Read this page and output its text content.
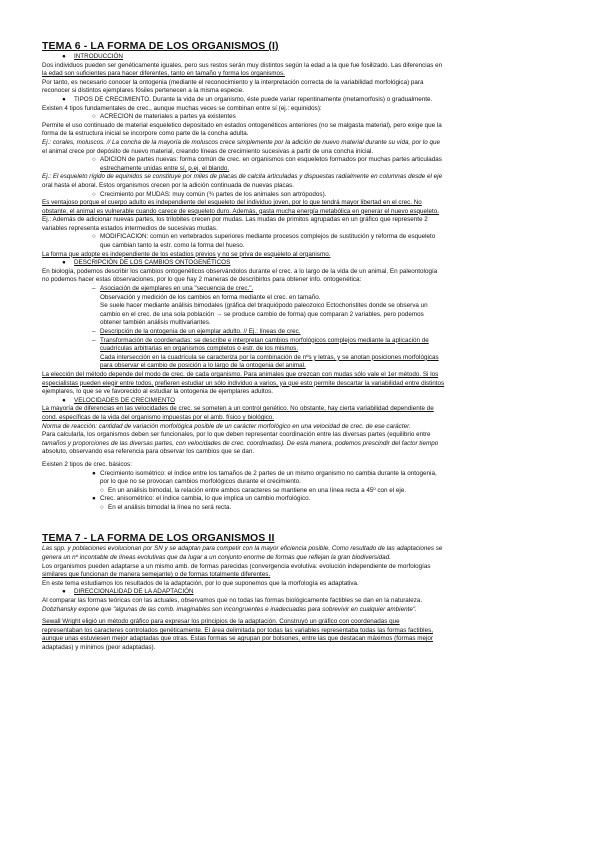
TEMA 6 - LA FORMA DE LOS ORGANISMOS (I)
● INTRODUCCIÓN

Dos individuos pueden ser genéticamente iguales, pero sus restos serán muy distintos según la edad a la que fue fosilizado. Las diferencias en

la edad son suficientes para hacer diferentes, tanto en tamaño y forma los organismos.

Por tanto, es necesario conocer la ontogenia (mediante el reconocimiento y la interpretación correcta de la variabilidad morfológica) para

reconocer si distintos ejemplares fósiles pertenecen a la misma especie.

● TIPOS DE CRECIMIENTO. Durante la vida de un organismo, éste puede variar repentinamente (metamorfosis) o gradualmente.

Existen 4 tipos fundamentales de crec., aunque muchas veces se combinan entre sí (ej.: equinidos):

○ ACRECIÓN de materiales a partes ya existentes

Permite el uso continuado de material esqueletico depositado en estados ontogenéticos anteriores (no se malgasta material), pero exige que la

forma de la estructura inicial se incorpore como parte de la concha adulta.

Ej.: corales, moluscos. // La concha de la mayoría de moluscos crece simplemente por la adición de nuevo material durante su vida, por lo que

el animal crece por depósito de nuevo material, creando líneas de crecimiento sucesivas a partir de una concha inicial.

○ ADICIÓN de partes nuevas: forma común de crec. en organismos con esqueletos formados por muchas partes articuladas
estrechamente unidas entre sí, p.ej. el blando.

Ej.: El esqueleto rígido de equinidos se constituye por miles de placas de calcita articuladas y dispuestas radialmente en columnas desde el eje

oral hasta el aboral. Estos organismos crecen por la adición continuada de nuevas placas.

○ Crecimiento por MUDAS: muy común (¾ partes de los animales son artrópodos).

Es ventajoso porque el cuerpo adulto es independiente del esqueleto del individuo joven, por lo que tendrá mayor libertad en el crec. No

obstante, el animal es vulnerable cuando carece de esqueleto duro. Además, gasta mucha energía metabólica en generar el nuevo esqueleto.

Ej.: Además de adicionar nuevas partes, los trilobites crecen por mudas. Las mudas de primitos agrupadas en un gráfico que represente 2

variables representa estados intermedios de sucesivas mudas.

○ MODIFICACIÓN: común en vertebrados superiores mediante procesos complejos de sustitución y reforma de esqueleto
que cambian tanto la estr. como la forma del hueso.

La forma que adopte es independiente de los estadios previos y no se priva de esqueleto al organismo.

● DESCRIPCIÓN DE LOS CAMBIOS ONTOGENÉTICOS

En biología, podemos describir los cambios ontogenéticos observándolos durante el crec. a lo largo de la vida de un animal. En paleontología

no podemos hacer estas observaciones, por lo que hay 2 maneras de describirlos para obtener info. ontogenética:

– Asociación de ejemplares en una "secuencia de crec.".
Observación y medición de los cambios en forma mediante el crec. en tamaño.
Se suele hacer mediante análisis bimodales (gráfica del braquiópodo paleozoico Ectochoristites donde se observa un
cambio en el crec. de una sola población → se produce cambio de forma) que comparan 2 variables, pero podemos
obtener también análisis multivariantes.
– Descripción de la ontogenia de un ejemplar adulto. // Ej.: líneas de crec.
– Transformación de coordenadas: se describe e interpretan cambios morfológicos complejos mediante la aplicación de
cuadrículas arbitrarias en organismos completos o estr. de los mismos.
Cada intersección en la cuadrícula se caracteriza por la combinación de nºs y letras, y se anotan posiciones morfológicas
para observar el cambio de posición a lo largo de la ontogenia del animal.

La elección del método depende del modo de crec. de cada organismo. Para animales que crezcan con mudas sólo vale el 1er método. Si los

especialistas pueden elegir entre todos, prefieren estudiar un sólo individuo a varios, ya que esto permite descartar la variabilidad entre distintos

ejemplares, lo que se ve favorecido al estudiar la ontogenia de ejemplares adultos.

● VELOCIDADES DE CRECIMIENTO

La mayoría de diferencias en las velocidades de crec. se someten a un control genético. No obstante, hay cierta variabilidad dependiente de

cond. específicas de la vida del organismo impuestas por el amb. físico y biológico.

Norma de reacción: cantidad de variación morfológica posible de un carácter morfológico en una velocidad de crec. de ese carácter.

Para calcularla, los organismos deben ser funcionales, por lo que deben representar coordinación entre las diversas partes (equilibrio entre

tamaños y proporciones de las diversas partes, con velocidades de crec. coordinadas). De esta manera, podemos prescindir del factor tiempo

absoluto, observando esa referencia para observar los cambios que se dan.

Existen 2 tipos de crec. básicos:

● Crecimiento isométrico: el índice entre los tamaños de 2 partes de un mismo organismo no cambia durante la ontogenia,
por lo que no se provocan cambios morfológicos durante el crecimiento.
○ En un análisis bimodal, la relación entre ambos caracteres se mantiene en una línea recta a 45º con el eje.
● Crec. anisométrico: el índice cambia, lo que implica un cambio morfológico.
○ En el análisis bimodal la línea no será recta.
TEMA 7 - LA FORMA DE LOS ORGANISMOS II

Las spp. y poblaciones evolucionan por SN y se adaptan para competir con la mayor eficiencia posible. Como resultado de las adaptaciones se

genera un nº incontable de líneas evolutivas que da lugar a un conjunto enorme de formas que reflejan la gran biodiversidad.

Los organismos pueden adaptarse a un mismo amb. de formas parecidas (convergencia evolutiva: evolución independiente de morfologías

similares que funcionan de manera semejante) o de formas totalmente diferentes.

En este tema estudiamos los resultados de la adaptación, por lo que suponemos que la morfología es adaptativa.

● DIRECCIONALIDAD DE LA ADAPTACIÓN

Al comparar las formas teóricas con las actuales, observamos que no todas las formas biológicamente factibles se dan en la naturaleza.

Dobzhansky expone que "algunas de las comb. imaginables son incongruentes e inadecuadas para sobrevivir en cualquier ambiente".

Sewall Wright eligió un método gráfico para expresar los principios de la adaptación. Construyó un gráfico con coordenadas que

representaban los caracteres controlados genéticamente. El área delimitada por todas las variables representaba todas las formas factibles,

aunque unas estuviesen mejor adaptadas que otras. Estas formas se agrupan por bolsones, entre las que destacan máximos (formas mejor

adaptadas) y mínimos (peor adaptadas).
